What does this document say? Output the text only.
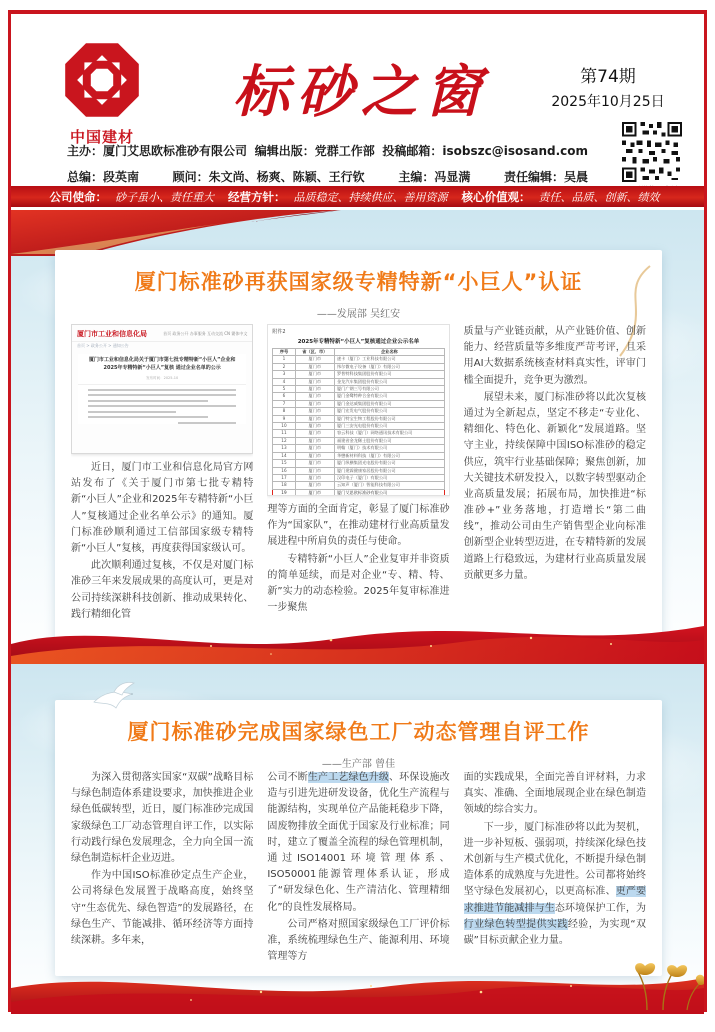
中国建材
标砂之窗	第74期
2025年10月25日
主办：厦门艾思欧标准砂有限公司 编辑出版：党群工作部 投稿邮箱：isobszc@isosand.com
总编：段英南	顾问：朱文尚、杨爽、陈颖、王行钦	主编：冯显满	责任编辑：吴晨
公司使命： 砂子虽小、责任重大 经营方针： 品质稳定、持续供应、善用资源 核心价值观： 责任、品质、创新、绩效
厦门标准砂再获国家级专精特新“小巨人”认证
——发展部 吴红安
厦门市工业和信息化局	首页 政务公开 办事服务 互动交流 CN 繁体中文
首页 > 政务公开 > 通知公告
厦门市工业和信息化局关于厦门市第七批专精特新“小巨人”企业和2025年专精特新“小巨人”复核 通过企业名单的公示
发布时间：2025-10

近日，厦门市工业和信息化局官方网站发布了《关于厦门市第七批专精特新“小巨人”企业和2025年专精特新“小巨人”复核通过企业名单公示》的通知。厦门标准砂顺利通过工信部国家级专精特新“小巨人”复核，再度获得国家级认可。

此次顺利通过复核，不仅是对厦门标准砂三年来发展成果的高度认可，更是对公司持续深耕科技创新、推动成果转化、践行精细化管

附件2
2025年专精特新“小巨人”复核通过企业公示名单
序号	省（区、市）	企业名称
1	厦门市	速卡（厦门）工业科技有限公司
2	厦门市	纬尔微电子设备（厦门）有限公司
3	厦门市	罗普特科技集团股份有限公司
4	厦门市	金龙汽车集团股份有限公司
5	厦门市	厦门广钢三号有限公司
6	厦门市	厦门金鹭特种合金有限公司
7	厦门市	厦门金达威集团股份有限公司
8	厦门市	厦门宏发电气股份有限公司
9	厦门市	厦门特宝生物工程股份有限公司
10	厦门市	厦门三安光电股份有限公司
11	厦门市	容云科技（厦门）网络通讯技术有限公司
12	厦门市	福建省金龙稀土股份有限公司
13	厦门市	明翰（厦门）技术有限公司
14	厦门市	华懋新材料科技（厦门）有限公司
15	厦门市	厦门纵横集团光电股份有限公司
16	厦门市	厦门建霖健康家居股份有限公司
17	厦门市	汉印电子（厦门）有限公司
18	厦门市	云知声（厦门）智能科技有限公司
19	厦门市	厦门艾思欧标准砂有限公司

理等方面的全面肯定，彰显了厦门标准砂作为“国家队”，在推动建材行业高质量发展进程中所肩负的责任与使命。

专精特新“小巨人”企业复审并非资质的简单延续，而是对企业“专、精、特、新”实力的动态检验。2025年复审标准进一步聚焦

质量与产业链贡献，从产业链价值、创新能力、经营质量等多维度严苛考评，且采用AI大数据系统核查材料真实性，评审门槛全面提升，竞争更为激烈。

展望未来，厦门标准砂将以此次复核通过为全新起点，坚定不移走“专业化、精细化、特色化、新颖化”发展道路。坚守主业，持续保障中国ISO标准砂的稳定供应，筑牢行业基础保障；聚焦创新，加大关键技术研发投入，以数字转型驱动企业高质量发展；拓展布局，加快推进“标准砂+”业务落地，打造增长“第二曲线”，推动公司由生产销售型企业向标准创新型企业转型迈进，在专精特新的发展道路上行稳致远，为建材行业高质量发展贡献更多力量。

厦门标准砂完成国家绿色工厂动态管理自评工作
——生产部 曾佳

为深入贯彻落实国家“双碳”战略目标与绿色制造体系建设要求，加快推进企业绿色低碳转型，近日，厦门标准砂完成国家级绿色工厂动态管理自评工作，以实际行动践行绿色发展理念，全力向全国一流绿色制造标杆企业迈进。

作为中国ISO标准砂定点生产企业，公司将绿色发展置于战略高度，始终坚守“生态优先、绿色智造”的发展路径，在绿色生产、节能减排、循环经济等方面持续深耕。多年来，

公司不断生产工艺绿色升级、环保设施改造与引进先进研发设备，优化生产流程与能源结构，实现单位产品能耗稳步下降，固废物排放全面优于国家及行业标准；同时，建立了覆盖全流程的绿色管理机制，通过ISO14001环境管理体系、ISO50001能源管理体系认证，形成了“研发绿色化、生产清洁化、管理精细化”的良性发展格局。

公司严格对照国家级绿色工厂评价标准，系统梳理绿色生产、能源利用、环境管理等方

面的实践成果，全面完善自评材料，力求真实、准确、全面地展现企业在绿色制造领域的综合实力。

下一步，厦门标准砂将以此为契机，进一步补短板、强弱项，持续深化绿色技术创新与生产模式优化，不断提升绿色制造体系的成熟度与先进性。公司都将始终坚守绿色发展初心，以更高标准、更严要求推进节能减排与生态环境保护工作，为行业绿色转型提供实践经验，为实现“双碳”目标贡献企业力量。
